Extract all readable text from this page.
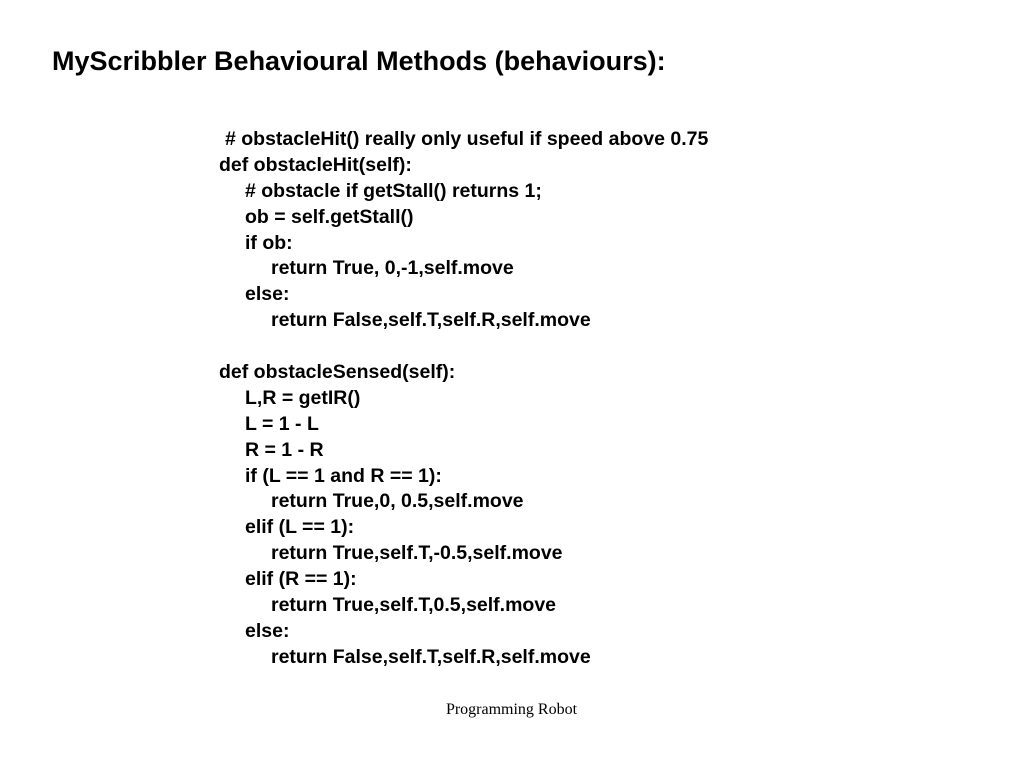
MyScribbler Behavioural Methods (behaviours):
# obstacleHit() really only useful if speed above 0.75
def obstacleHit(self):
# obstacle if getStall() returns 1;
ob = self.getStall()
if ob:
return True, 0,-1,self.move
else:
return False,self.T,self.R,self.move
def obstacleSensed(self):
L,R = getIR()
L = 1 - L
R = 1 - R
if (L == 1 and R == 1):
return True,0, 0.5,self.move
elif (L == 1):
return True,self.T,-0.5,self.move
elif (R == 1):
return True,self.T,0.5,self.move
else:
return False,self.T,self.R,self.move
Programming Robot
